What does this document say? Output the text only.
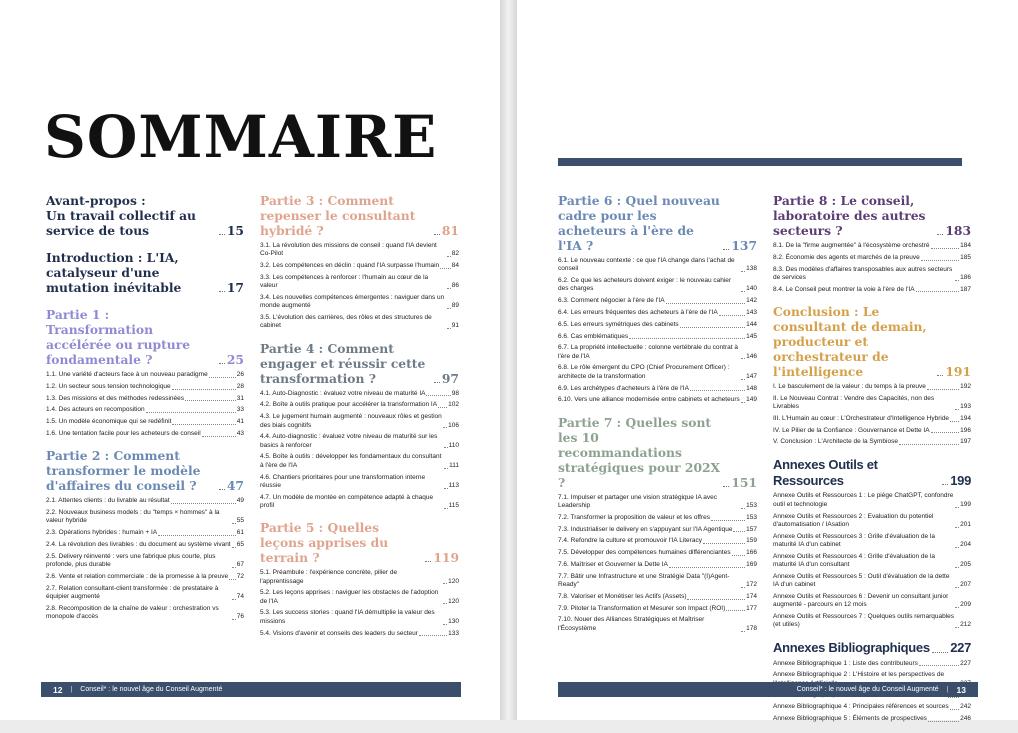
SOMMAIRE
Avant-propos :
Un travail collectif au service de tous	15
Introduction : L'IA, catalyseur d'une mutation inévitable	17
Partie 1 : Transformation accélérée ou rupture fondamentale ?	25
1.1. Une variété d'acteurs face à un nouveau paradigme	26
1.2. Un secteur sous tension technologique	28
1.3. Des missions et des méthodes redessinées	31
1.4. Des acteurs en recomposition	33
1.5. Un modèle économique qui se redéfinit	41
1.6. Une tentation facile pour les acheteurs de conseil	43
Partie 2 : Comment transformer le modèle d'affaires du conseil ?	47
2.1. Attentes clients : du livrable au résultat	49
2.2. Nouveaux business models : du "temps × hommes" à la valeur hybride	55
2.3. Opérations hybrides : humain + IA	61
2.4. La révolution des livrables : du document au système vivant 65
2.5. Delivery réinventé : vers une fabrique plus courte, plus profonde, plus durable	67
2.6. Vente et relation commerciale : de la promesse à la preuve 72
2.7. Relation consultant-client transformée : de prestataire à équipier augmenté	74
2.8. Recomposition de la chaîne de valeur : orchestration vs monopole d'accès	76
Partie 3 : Comment repenser le consultant hybridé ?	81
3.1. La révolution des missions de conseil : quand l'IA devient Co-Pilot	82
3.2. Les compétences en déclin : quand l'IA surpasse l'humain 84
3.3. Les compétences à renforcer : l'humain au cœur de la valeur	86
3.4. Les nouvelles compétences émergentes : naviguer dans un monde augmenté	89
3.5. L'évolution des carrières, des rôles et des structures de cabinet	91
Partie 4 : Comment engager et réussir cette transformation ?	97
4.1. Auto-Diagnostic : évaluez votre niveau de maturité IA	98
4.2. Boîte à outils pratique pour accélérer la transformation IA 102
4.3. Le jugement humain augmenté : nouveaux rôles et gestion des biais cognitifs	106
4.4. Auto-diagnostic : évaluez votre niveau de maturité sur les basics à renforcer	110
4.5. Boîte à outils : développer les fondamentaux du consultant à l'ère de l'IA	111
4.6. Chantiers prioritaires pour une transformation interne réussie	113
4.7. Un modèle de montée en compétence adapté à chaque profil	115
Partie 5 : Quelles leçons apprises du terrain ?	119
5.1. Préambule : l'expérience concrète, pilier de l'apprentissage	120
5.2. Les leçons apprises : naviguer les obstacles de l'adoption de l'IA	120
5.3. Les success stories : quand l'IA démultiplie la valeur des missions	130
5.4. Visions d'avenir et conseils des leaders du secteur	133
12 | Conseil* : le nouvel âge du Conseil Augmenté
Partie 6 : Quel nouveau cadre pour les acheteurs à l'ère de l'IA ?	137
6.1. Le nouveau contexte : ce que l'IA change dans l'achat de conseil	138
6.2. Ce que les acheteurs doivent exiger : le nouveau cahier des charges	140
6.3. Comment négocier à l'ère de l'IA	142
6.4. Les erreurs fréquentes des acheteurs à l'ère de l'IA	143
6.5. Les erreurs symétriques des cabinets	144
6.6. Cas emblématiques	145
6.7. La propriété intellectuelle : colonne vertébrale du contrat à l'ère de l'IA	146
6.8. Le rôle émergent du CPO (Chief Procurement Officer) : architecte de la transformation	147
6.9. Les archétypes d'acheteurs à l'ère de l'IA	148
6.10. Vers une alliance modernisée entre cabinets et acheteurs 149
Partie 7 : Quelles sont les 10 recommandations stratégiques pour 202X ?	151
7.1. Impulser et partager une vision stratégique IA avec Leadership	153
7.2. Transformer la proposition de valeur et les offres	153
7.3. Industrialiser le delivery en s'appuyant sur l'IA Agentique 157
7.4. Refondre la culture et promouvoir l'IA Literacy	159
7.5. Développer des compétences humaines différenciantes 166
7.6. Maîtriser et Gouverner la Dette IA	169
7.7. Bâtir une Infrastructure et une Stratégie Data "(I)Agent-Ready"	172
7.8. Valoriser et Monétiser les Actifs (Assets)	174
7.9. Piloter la Transformation et Mesurer son Impact (ROI)	177
7.10. Nouer des Alliances Stratégiques et Maîtriser l'Écosystème	178
Partie 8 : Le conseil, laboratoire des autres secteurs ?	183
8.1. De la "firme augmentée" à l'écosystème orchestré	184
8.2. Économie des agents et marchés de la preuve	185
8.3. Des modèles d'affaires transposables aux autres secteurs de services	186
8.4. Le Conseil peut montrer la voie à l'ère de l'IA	187
Conclusion : Le consultant de demain, producteur et orchestrateur de l'intelligence	191
I. Le basculement de la valeur : du temps à la preuve	192
II. Le Nouveau Contrat : Vendre des Capacités, non des Livrables	193
III. L'Humain au cœur : L'Orchestrateur d'Intelligence Hybride 194
IV. Le Pilier de la Confiance : Gouvernance et Dette IA	196
V. Conclusion : L'Architecte de la Symbiose	197
Annexes Outils et Ressources	199
Annexe Outils et Ressources 1 : Le piège ChatGPT, confondre outil et technologie	199
Annexe Outils et Ressources 2 : Evaluation du potentiel d'automatisation / IAsation	201
Annexe Outils et Ressources 3 : Grille d'évaluation de la maturité IA d'un cabinet	204
Annexe Outils et Ressources 4 : Grille d'évaluation de la maturité IA d'un consultant	205
Annexe Outils et Ressources 5 : Outil d'évaluation de la dette IA d'un cabinet	207
Annexe Outils et Ressources 6 : Devenir un consultant junior augmenté - parcours en 12 mois	209
Annexe Outils et Ressources 7 : Quelques outils remarquables (et utiles)	212
Annexes Bibliographiques 227
Annexe Bibliographique 1 : Liste des contributeurs	227
Annexe Bibliographique 2 : L'Histoire et les perspectives de
Annexe Bibliographique 4 : Principales références et sources 242
Annexe Bibliographique 5 : Éléments de prospectives	246
Conseil* : le nouvel âge du Conseil Augmenté | 13
